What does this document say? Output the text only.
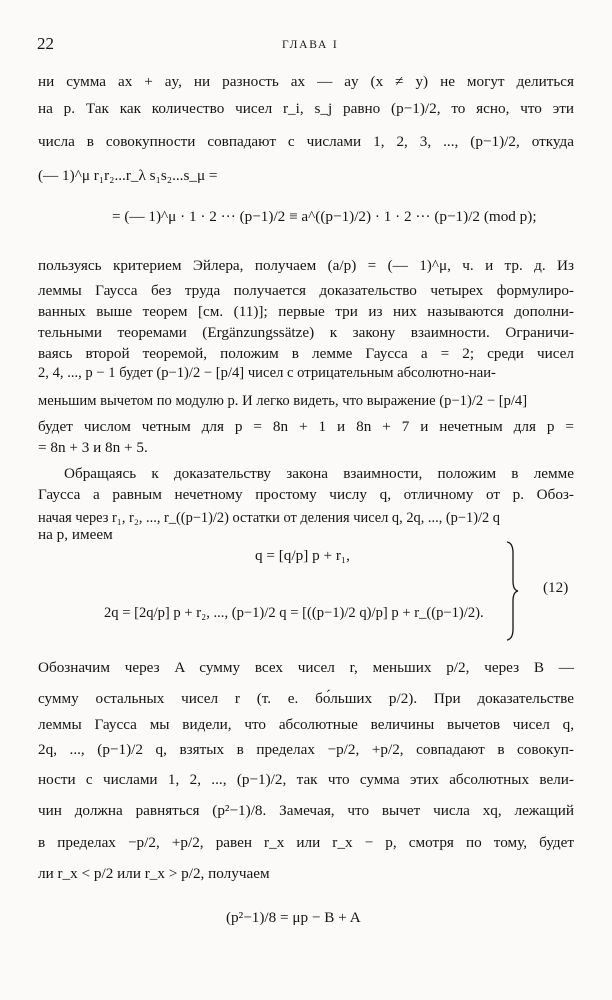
22	ГЛАВА I
ни сумма ax + ay, ни разность ax — ay (x ≠ y) не могут делиться
на p. Так как количество чисел r_i, s_j равно (p−1)/2, то ясно, что эти
числа в совокупности совпадают с числами 1, 2, 3, ..., (p−1)/2, откуда
(— 1)^μ r₁r₂...r_λ s₁s₂...s_μ =
= (— 1)^μ · 1 · 2 ··· (p−1)/2 ≡ a^((p−1)/2) · 1 · 2 ··· (p−1)/2 (mod p);
пользуясь критерием Эйлера, получаем (a/p) = (— 1)^μ, ч. и тр. д. Из
леммы Гаусса без труда получается доказательство четырех формулиро-
ванных выше теорем [см. (11)]; первые три из них называются дополни-
тельными теоремами (Ergänzungssätze) к закону взаимности. Ограничи-
ваясь второй теоремой, положим в лемме Гаусса a = 2; среди чисел
2, 4, ..., p − 1 будет (p−1)/2 − [p/4] чисел с отрицательным абсолютно-наи-
меньшим вычетом по модулю p. И легко видеть, что выражение (p−1)/2 − [p/4]
будет числом четным для p = 8n + 1 и 8n + 7 и нечетным для p =
= 8n + 3 и 8n + 5.
Обращаясь к доказательству закона взаимности, положим в лемме
Гаусса a равным нечетному простому числу q, отличному от p. Обоз-
начая через r₁, r₂, ..., r_((p−1)/2) остатки от деления чисел q, 2q, ..., (p−1)/2 q
на p, имеем
q = [q/p] p + r₁,
2q = [2q/p] p + r₂, ..., (p−1)/2 q = [((p−1)/2 q)/p] p + r_((p−1)/2).
(12)
Обозначим через A сумму всех чисел r, меньших p/2, через B —
сумму остальных чисел r (т. е. бо́льших p/2). При доказательстве
леммы Гаусса мы видели, что абсолютные величины вычетов чисел q,
2q, ..., (p−1)/2 q, взятых в пределах −p/2, +p/2, совпадают в совокуп-
ности с числами 1, 2, ..., (p−1)/2, так что сумма этих абсолютных вели-
чин должна равняться (p²−1)/8. Замечая, что вычет числа xq, лежащий
в пределах −p/2, +p/2, равен r_x или r_x − p, смотря по тому, будет
ли r_x < p/2 или r_x > p/2, получаем
(p²−1)/8 = μp − B + A
